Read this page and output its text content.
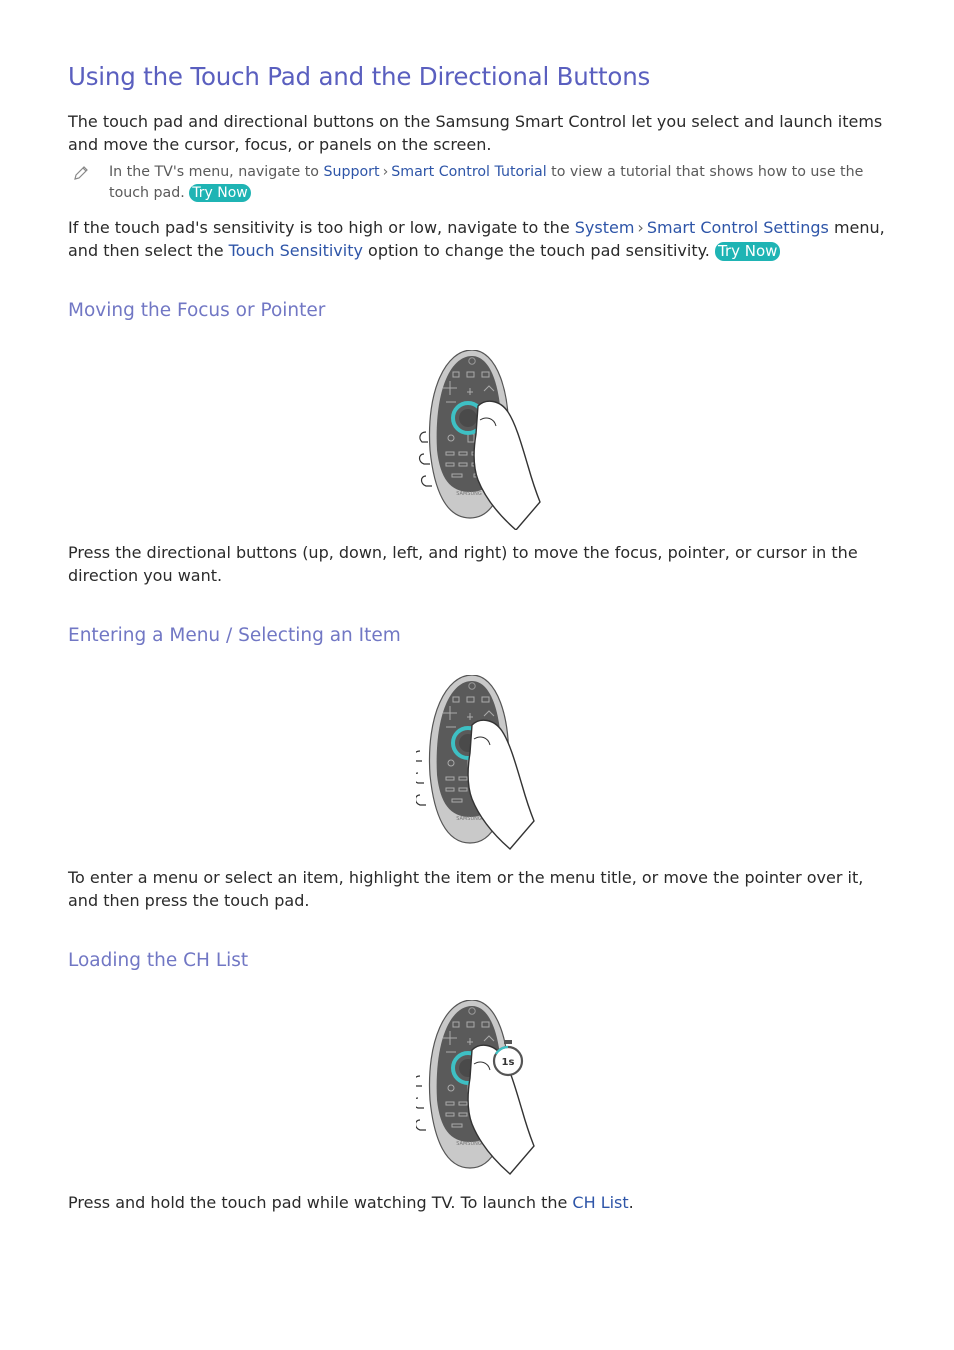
Using the Touch Pad and the Directional Buttons

The touch pad and directional buttons on the Samsung Smart Control let you select and launch items and move the cursor, focus, or panels on the screen.

In the TV's menu, navigate to Support › Smart Control Tutorial to view a tutorial that shows how to use the touch pad. Try Now

If the touch pad's sensitivity is too high or low, navigate to the System › Smart Control Settings menu, and then select the Touch Sensitivity option to change the touch pad sensitivity. Try Now

Moving the Focus or Pointer
SAMSUNG

Press the directional buttons (up, down, left, and right) to move the focus, pointer, or cursor in the direction you want.

Entering a Menu / Selecting an Item
SAMSUNG

To enter a menu or select an item, highlight the item or the menu title, or move the pointer over it, and then press the touch pad.

Loading the CH List
SAMSUNG
1s

Press and hold the touch pad while watching TV. To launch the CH List.
